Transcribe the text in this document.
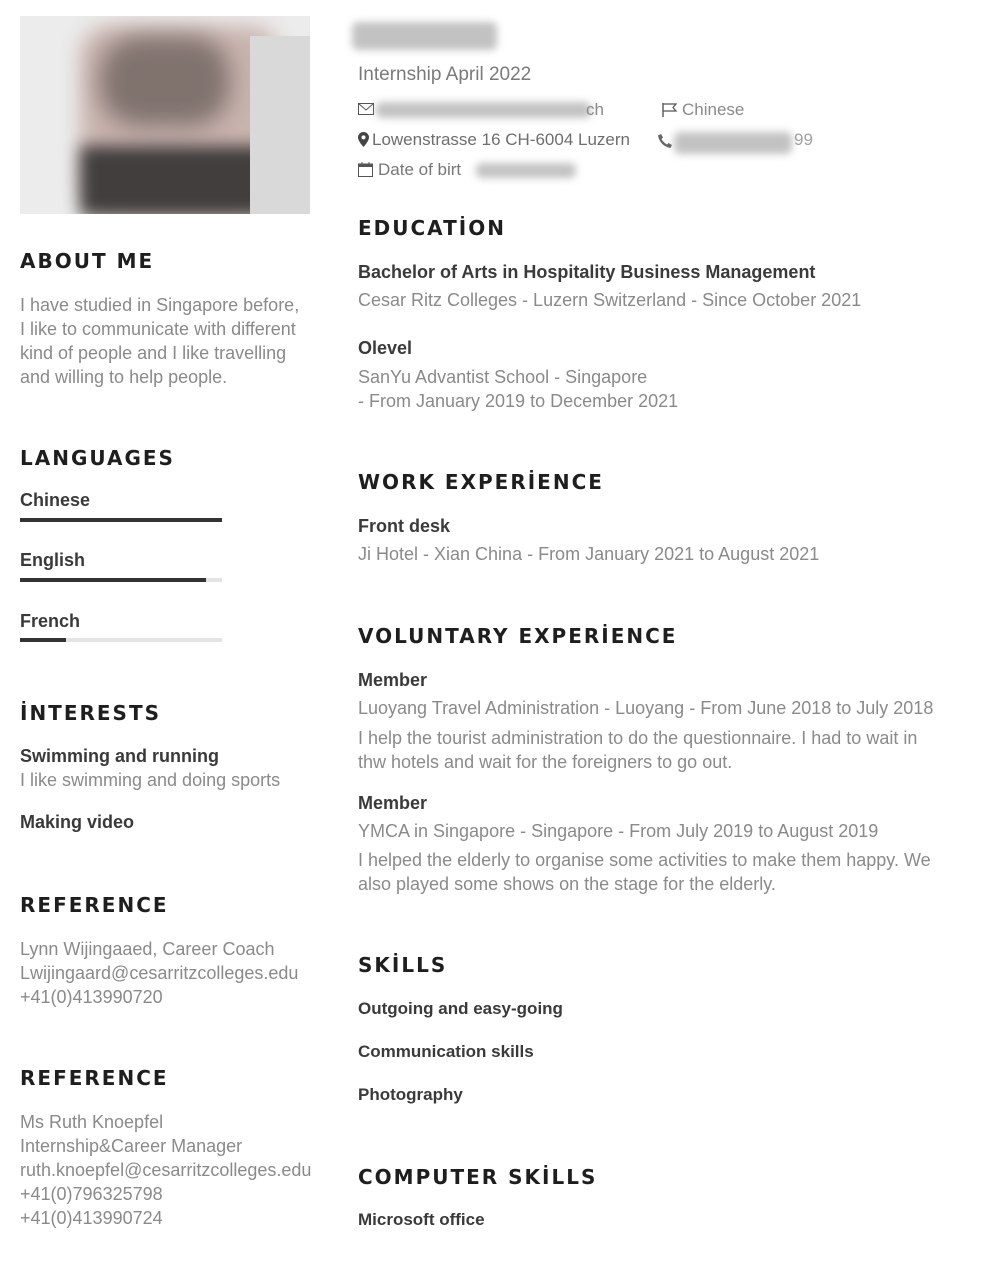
Internship April 2022
ch	Chinese
Lowenstrasse 16 CH-6004 Luzern	99
Date of birt
ABOUT ME
I have studied in Singapore before,
I like to communicate with different
kind of people and I like travelling
and willing to help people.
LANGUAGES
Chinese
English
French
İNTERESTS
Swimming and running
I like swimming and doing sports
Making video
REFERENCE
Lynn Wijingaaed, Career Coach
Lwijingaard@cesarritzcolleges.edu
+41(0)413990720
REFERENCE
Ms Ruth Knoepfel
Internship&Career Manager
ruth.knoepfel@cesarritzcolleges.edu
+41(0)796325798
+41(0)413990724
EDUCATİON
Bachelor of Arts in Hospitality Business Management
Cesar Ritz Colleges - Luzern Switzerland - Since October 2021
Olevel
SanYu Advantist School - Singapore
- From January 2019 to December 2021
WORK EXPERİENCE
Front desk
Ji Hotel - Xian China - From January 2021 to August 2021
VOLUNTARY EXPERİENCE
Member
Luoyang Travel Administration - Luoyang - From June 2018 to July 2018
I help the tourist administration to do the questionnaire. I had to wait in
thw hotels and wait for the foreigners to go out.
Member
YMCA in Singapore - Singapore - From July 2019 to August 2019
I helped the elderly to organise some activities to make them happy. We
also played some shows on the stage for the elderly.
SKİLLS
Outgoing and easy-going
Communication skills
Photography
COMPUTER SKİLLS
Microsoft office
